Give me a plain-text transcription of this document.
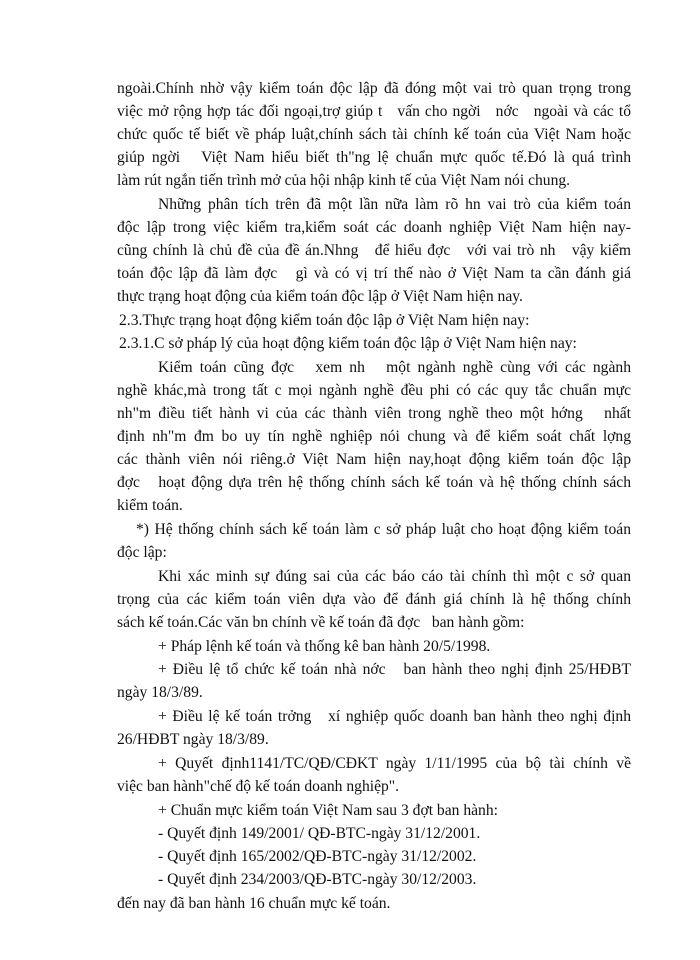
ngoài.Chính nhờ vậy kiểm toán độc lập đã đóng một vai trò quan trọng trong

việc mở rộng hợp tác đối ngoại,trợ giúp t   vấn cho ngời   nớc   ngoài và các tổ

chức quốc tế biết về pháp luật,chính sách tài chính kế toán của Việt Nam hoặc

giúp ngời   Việt Nam hiểu biết th"ng lệ chuẩn mực quốc tế.Đó là quá trình

làm rút ngắn tiến trình mở của hội nhập kinh tế của Việt Nam nói chung.

Những phân tích trên đã một lần nữa làm rõ hn vai trò của kiểm toán

độc lập trong việc kiểm tra,kiểm soát các doanh nghiệp Việt Nam hiện nay-

cũng chính là chủ đề của đề án.Nhng   để hiểu đợc   với vai trò nh   vậy kiểm

toán độc lập đã làm đợc   gì và có vị trí thế nào ở Việt Nam ta cần đánh giá

thực trạng hoạt động của kiểm toán độc lập ở Việt Nam hiện nay.

2.3.Thực trạng hoạt động kiểm toán độc lập ở Việt Nam hiện nay:

2.3.1.C sở pháp lý của hoạt động kiểm toán độc lập ở Việt Nam hiện nay:

Kiểm toán cũng đợc   xem nh   một ngành nghề cùng với các ngành

nghề khác,mà trong tất c mọi ngành nghề đều phi có các quy tắc chuẩn mực

nh"m điều tiết hành vi của các thành viên trong nghề theo một hớng   nhất

định nh"m đm bo uy tín nghề nghiệp nói chung và để kiểm soát chất lợng

các thành viên nói riêng.ở Việt Nam hiện nay,hoạt động kiểm toán độc lập

đợc   hoạt động dựa trên hệ thống chính sách kế toán và hệ thống chính sách

kiểm toán.

*) Hệ thống chính sách kế toán làm c sở pháp luật cho hoạt động kiểm toán

độc lập:

Khi xác minh sự đúng sai của các báo cáo tài chính thì một c sở quan

trọng của các kiểm toán viên dựa vào để đánh giá chính là hệ thống chính

sách kế toán.Các văn bn chính về kế toán đã đợc   ban hành gồm:

+ Pháp lệnh kế toán và thống kê ban hành 20/5/1998.

+ Điều lệ tổ chức kế toán nhà nớc   ban hành theo nghị định 25/HĐBT

ngày 18/3/89.

+ Điều lệ kế toán trởng   xí nghiệp quốc doanh ban hành theo nghị định

26/HĐBT ngày 18/3/89.

+ Quyết định1141/TC/QĐ/CĐKT ngày 1/11/1995 của bộ tài chính về

việc ban hành"chế độ kế toán doanh nghiệp".

+ Chuẩn mực kiểm toán Việt Nam sau 3 đợt ban hành:

- Quyết định 149/2001/ QĐ-BTC-ngày 31/12/2001.

- Quyết định 165/2002/QĐ-BTC-ngày 31/12/2002.

- Quyết định 234/2003/QĐ-BTC-ngày 30/12/2003.

đến nay đã ban hành 16 chuẩn mực kế toán.
